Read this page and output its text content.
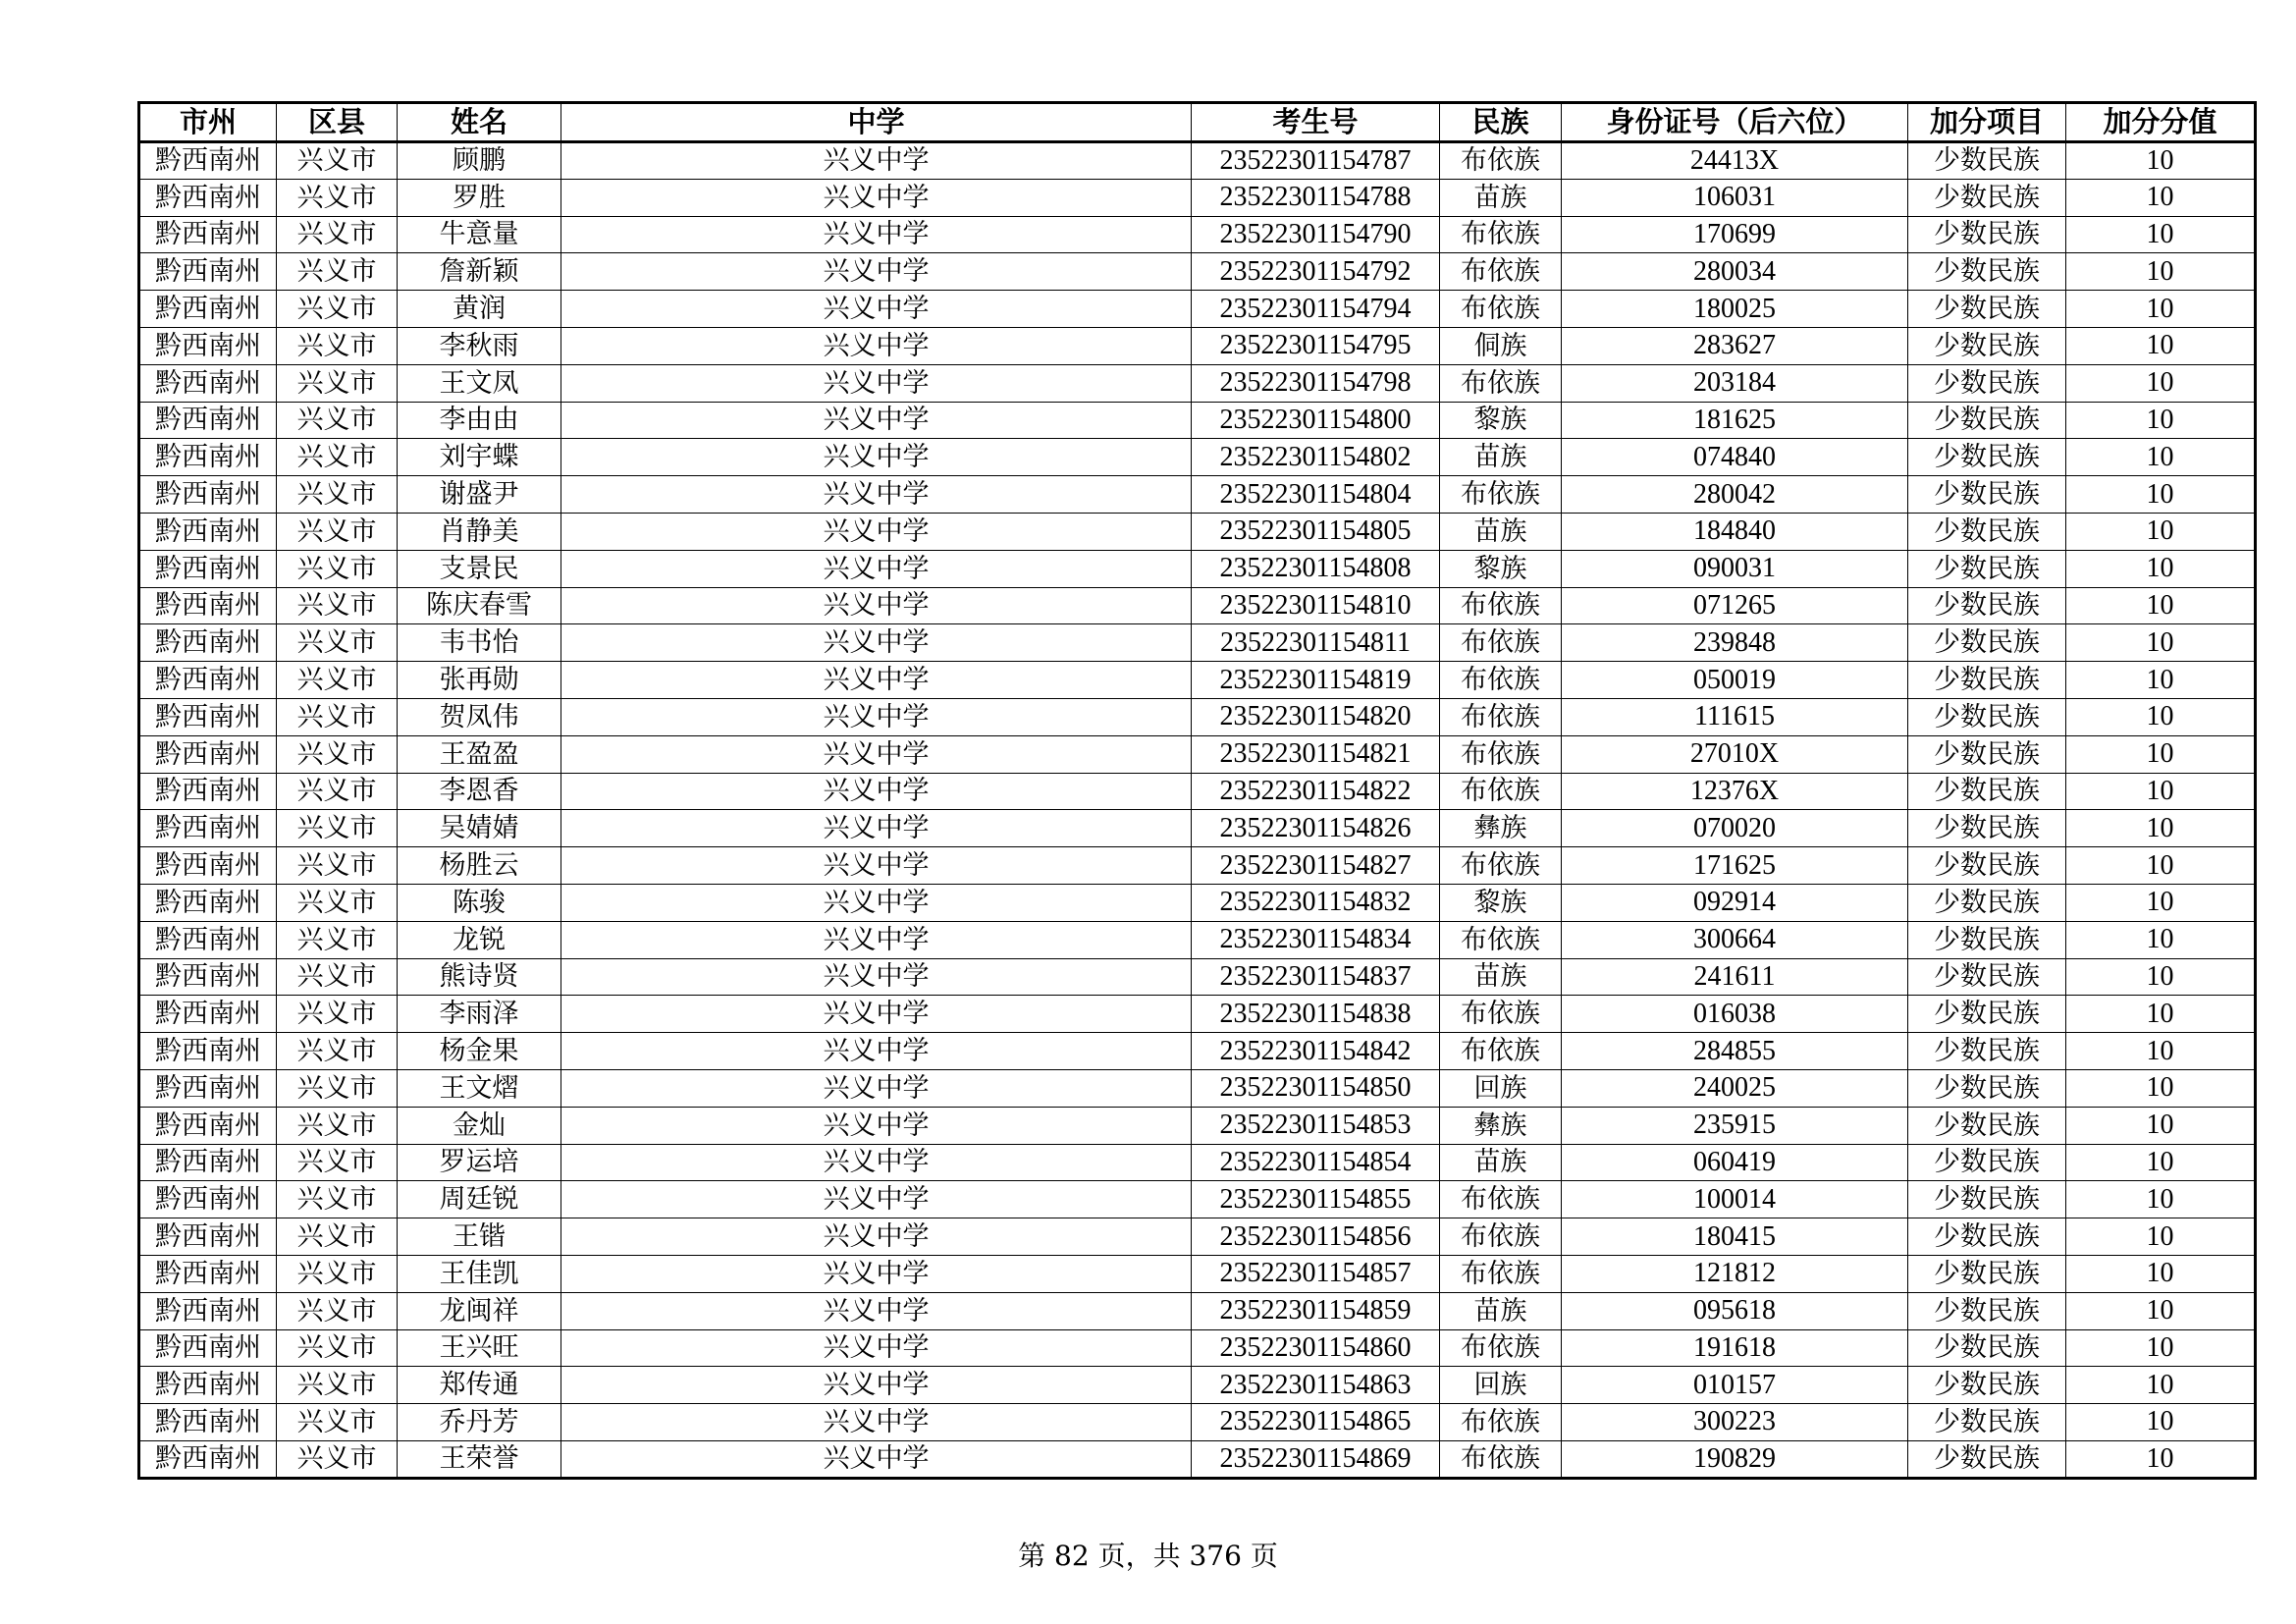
市州	区县	姓名	中学	考生号	民族	身份证号（后六位）	加分项目	加分分值
黔西南州	兴义市	顾鹏	兴义中学	23522301154787	布依族	24413X	少数民族	10
黔西南州	兴义市	罗胜	兴义中学	23522301154788	苗族	106031	少数民族	10
黔西南州	兴义市	牛意量	兴义中学	23522301154790	布依族	170699	少数民族	10
黔西南州	兴义市	詹新颖	兴义中学	23522301154792	布依族	280034	少数民族	10
黔西南州	兴义市	黄润	兴义中学	23522301154794	布依族	180025	少数民族	10
黔西南州	兴义市	李秋雨	兴义中学	23522301154795	侗族	283627	少数民族	10
黔西南州	兴义市	王文凤	兴义中学	23522301154798	布依族	203184	少数民族	10
黔西南州	兴义市	李由由	兴义中学	23522301154800	黎族	181625	少数民族	10
黔西南州	兴义市	刘宇蝶	兴义中学	23522301154802	苗族	074840	少数民族	10
黔西南州	兴义市	谢盛尹	兴义中学	23522301154804	布依族	280042	少数民族	10
黔西南州	兴义市	肖静美	兴义中学	23522301154805	苗族	184840	少数民族	10
黔西南州	兴义市	支景民	兴义中学	23522301154808	黎族	090031	少数民族	10
黔西南州	兴义市	陈庆春雪	兴义中学	23522301154810	布依族	071265	少数民族	10
黔西南州	兴义市	韦书怡	兴义中学	23522301154811	布依族	239848	少数民族	10
黔西南州	兴义市	张再勋	兴义中学	23522301154819	布依族	050019	少数民族	10
黔西南州	兴义市	贺凤伟	兴义中学	23522301154820	布依族	111615	少数民族	10
黔西南州	兴义市	王盈盈	兴义中学	23522301154821	布依族	27010X	少数民族	10
黔西南州	兴义市	李恩香	兴义中学	23522301154822	布依族	12376X	少数民族	10
黔西南州	兴义市	吴婧婧	兴义中学	23522301154826	彝族	070020	少数民族	10
黔西南州	兴义市	杨胜云	兴义中学	23522301154827	布依族	171625	少数民族	10
黔西南州	兴义市	陈骏	兴义中学	23522301154832	黎族	092914	少数民族	10
黔西南州	兴义市	龙锐	兴义中学	23522301154834	布依族	300664	少数民族	10
黔西南州	兴义市	熊诗贤	兴义中学	23522301154837	苗族	241611	少数民族	10
黔西南州	兴义市	李雨泽	兴义中学	23522301154838	布依族	016038	少数民族	10
黔西南州	兴义市	杨金果	兴义中学	23522301154842	布依族	284855	少数民族	10
黔西南州	兴义市	王文熠	兴义中学	23522301154850	回族	240025	少数民族	10
黔西南州	兴义市	金灿	兴义中学	23522301154853	彝族	235915	少数民族	10
黔西南州	兴义市	罗运培	兴义中学	23522301154854	苗族	060419	少数民族	10
黔西南州	兴义市	周廷锐	兴义中学	23522301154855	布依族	100014	少数民族	10
黔西南州	兴义市	王锴	兴义中学	23522301154856	布依族	180415	少数民族	10
黔西南州	兴义市	王佳凯	兴义中学	23522301154857	布依族	121812	少数民族	10
黔西南州	兴义市	龙闽祥	兴义中学	23522301154859	苗族	095618	少数民族	10
黔西南州	兴义市	王兴旺	兴义中学	23522301154860	布依族	191618	少数民族	10
黔西南州	兴义市	郑传通	兴义中学	23522301154863	回族	010157	少数民族	10
黔西南州	兴义市	乔丹芳	兴义中学	23522301154865	布依族	300223	少数民族	10
黔西南州	兴义市	王荣誉	兴义中学	23522301154869	布依族	190829	少数民族	10
第 82 页，共 376 页
